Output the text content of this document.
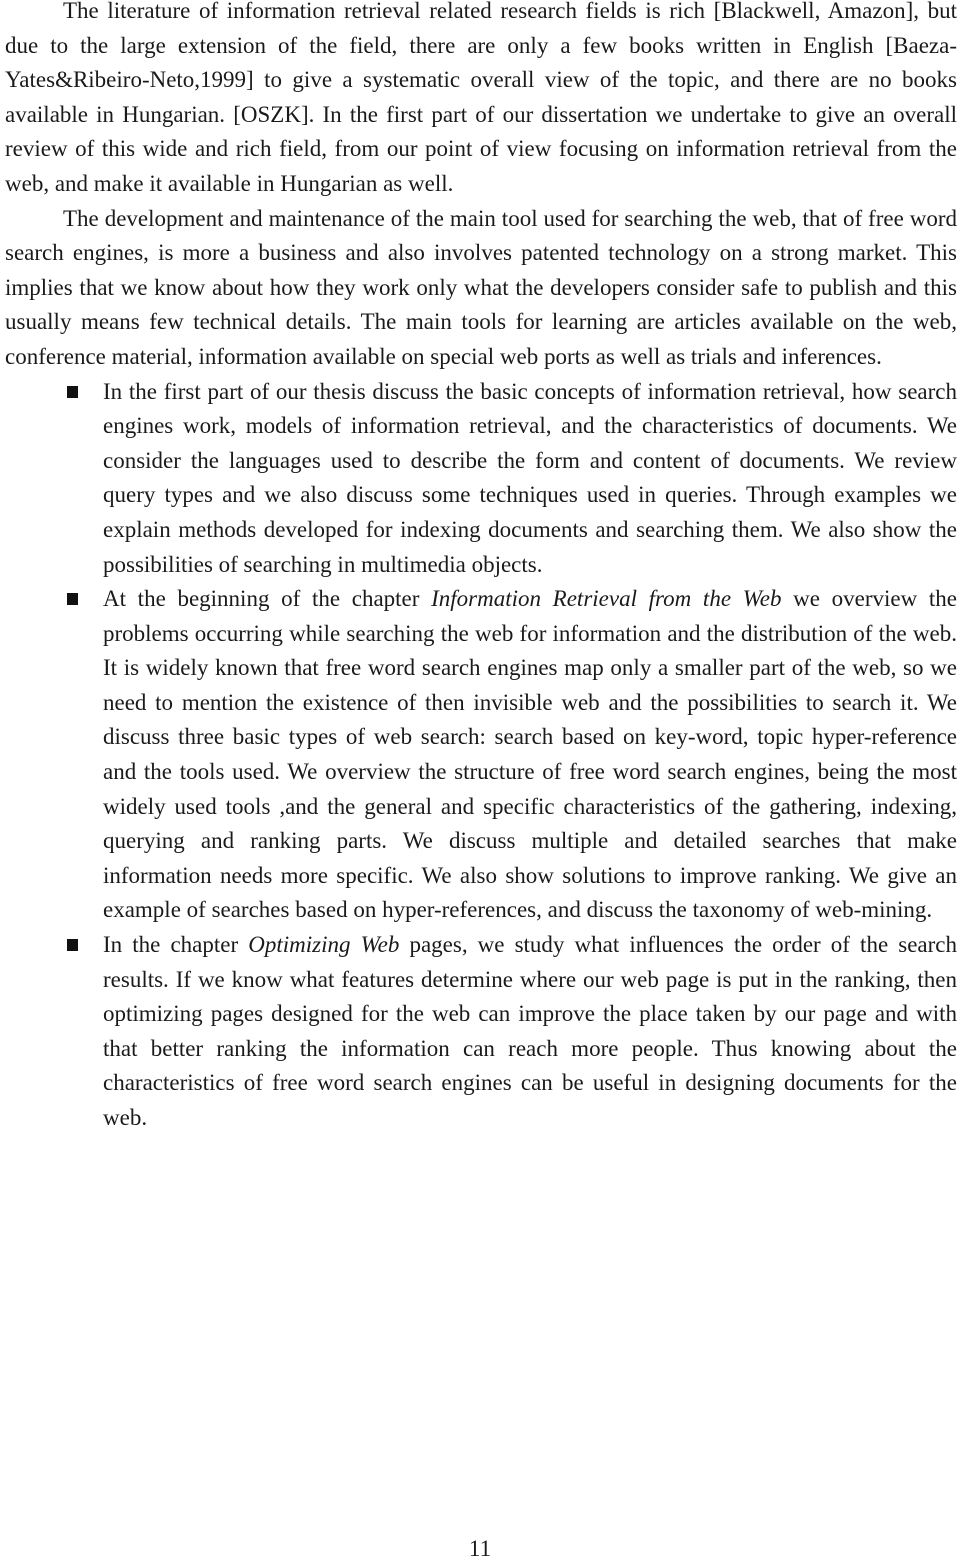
The literature of information retrieval related research fields is rich [Blackwell, Amazon], but due to the large extension of the field, there are only a few books written in English [Baeza-Yates&Ribeiro-Neto,1999] to give a systematic overall view of the topic, and there are no books available in Hungarian. [OSZK]. In the first part of our dissertation we undertake to give an overall review of this wide and rich field, from our point of view focusing on information retrieval from the web, and make it available in Hungarian as well.

The development and maintenance of the main tool used for searching the web, that of free word search engines, is more a business and also involves patented technology on a strong market. This implies that we know about how they work only what the developers consider safe to publish and this usually means few technical details. The main tools for learning are articles available on the web, conference material, information available on special web ports as well as trials and inferences.

In the first part of our thesis discuss the basic concepts of information retrieval, how search engines work, models of information retrieval, and the characteristics of documents. We consider the languages used to describe the form and content of documents. We review query types and we also discuss some techniques used in queries. Through examples we explain methods developed for indexing documents and searching them. We also show the possibilities of searching in multimedia objects.
At the beginning of the chapter Information Retrieval from the Web we overview the problems occurring while searching the web for information and the distribution of the web. It is widely known that free word search engines map only a smaller part of the web, so we need to mention the existence of then invisible web and the possibilities to search it. We discuss three basic types of web search: search based on key-word, topic hyper-reference and the tools used. We overview the structure of free word search engines, being the most widely used tools ,and the general and specific characteristics of the gathering, indexing, querying and ranking parts. We discuss multiple and detailed searches that make information needs more specific. We also show solutions to improve ranking. We give an example of searches based on hyper-references, and discuss the taxonomy of web-mining.
In the chapter Optimizing Web pages, we study what influences the order of the search results. If we know what features determine where our web page is put in the ranking, then optimizing pages designed for the web can improve the place taken by our page and with that better ranking the information can reach more people. Thus knowing about the characteristics of free word search engines can be useful in designing documents for the web.
11
